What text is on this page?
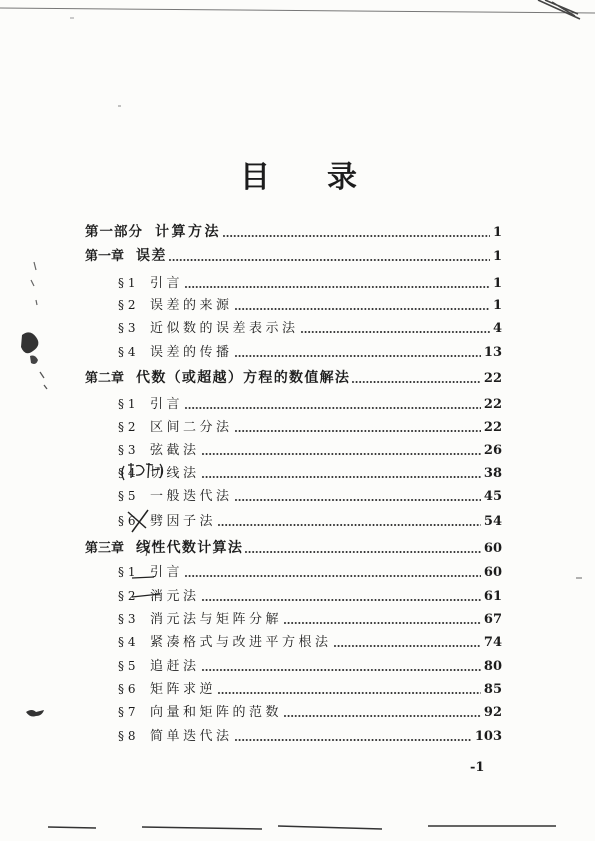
目 录
第一部分 计算方法	1
第一章 误差	1
§ 1	引言	1
§ 2	误差的来源	1
§ 3	近似数的误差表示法	4
§ 4	误差的传播	13
第二章 代数（或超越）方程的数值解法	22
§ 1	引言	22
§ 2	区间二分法	22
§ 3	弦截法	26
§ 4	切线法	38
§ 5	一般迭代法	45
§ 6	劈因子法	54
第三章 线性代数计算法	60
§ 1	引言	60
§ 2	消元法	61
§ 3	消元法与矩阵分解	67
§ 4	紧凑格式与改进平方根法	74
§ 5	追赶法	80
§ 6	矩阵求逆	85
§ 7	向量和矩阵的范数	92
§ 8	简单迭代法	103
-1
